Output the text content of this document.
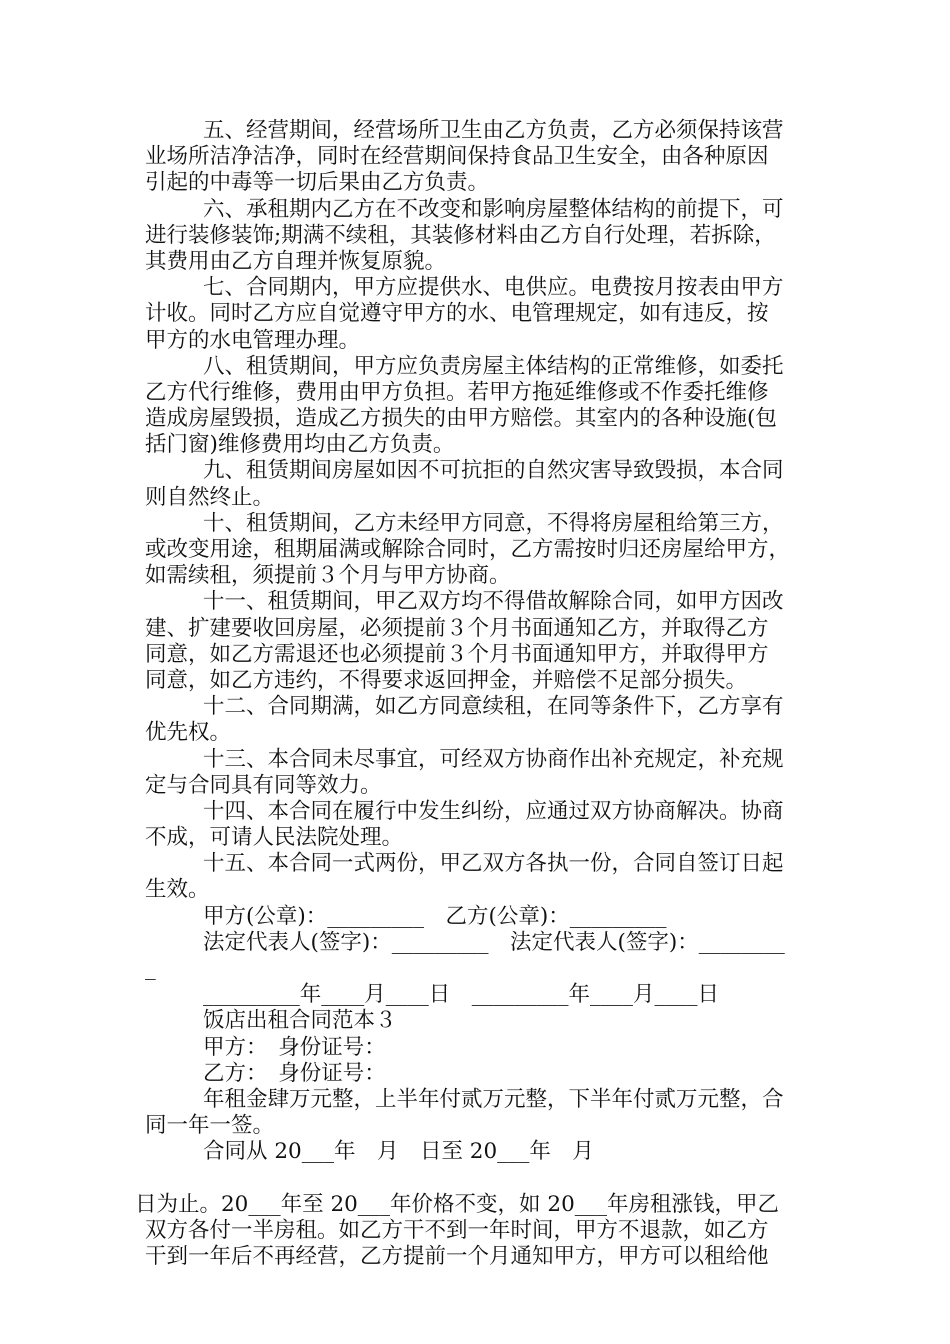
五、经营期间，经营场所卫生由乙方负责，乙方必须保持该营
业场所洁净洁净，同时在经营期间保持食品卫生安全，由各种原因
引起的中毒等一切后果由乙方负责。
六、承租期内乙方在不改变和影响房屋整体结构的前提下，可
进行装修装饰;期满不续租，其装修材料由乙方自行处理，若拆除，
其费用由乙方自理并恢复原貌。
七、合同期内，甲方应提供水、电供应。电费按月按表由甲方
计收。同时乙方应自觉遵守甲方的水、电管理规定，如有违反，按
甲方的水电管理办理。
八、租赁期间，甲方应负责房屋主体结构的正常维修，如委托
乙方代行维修，费用由甲方负担。若甲方拖延维修或不作委托维修
造成房屋毁损，造成乙方损失的由甲方赔偿。其室内的各种设施(包
括门窗)维修费用均由乙方负责。
九、租赁期间房屋如因不可抗拒的自然灾害导致毁损，本合同
则自然终止。
十、租赁期间，乙方未经甲方同意，不得将房屋租给第三方，
或改变用途，租期届满或解除合同时，乙方需按时归还房屋给甲方，
如需续租，须提前３个月与甲方协商。
十一、租赁期间，甲乙双方均不得借故解除合同，如甲方因改
建、扩建要收回房屋，必须提前３个月书面通知乙方，并取得乙方
同意，如乙方需退还也必须提前３个月书面通知甲方，并取得甲方
同意，如乙方违约，不得要求返回押金，并赔偿不足部分损失。
十二、合同期满，如乙方同意续租，在同等条件下，乙方享有
优先权。
十三、本合同未尽事宜，可经双方协商作出补充规定，补充规
定与合同具有同等效力。
十四、本合同在履行中发生纠纷，应通过双方协商解决。协商
不成，可请人民法院处理。
十五、本合同一式两份，甲乙双方各执一份，合同自签订日起
生效。
甲方(公章)：_________　乙方(公章)：_________
法定代表人(签字)：_________　法定代表人(签字)：________
_
_________年____月____日　_________年____月____日
饭店出租合同范本３
甲方：　身份证号：
乙方：　身份证号：
年租金肆万元整，上半年付贰万元整，下半年付贰万元整，合
同一年一签。
合同从 20___年　月　日至 20___年　月
日为止。20___年至 20___年价格不变，如 20___年房租涨钱，甲乙
双方各付一半房租。如乙方干不到一年时间，甲方不退款，如乙方
干到一年后不再经营，乙方提前一个月通知甲方，甲方可以租给他
